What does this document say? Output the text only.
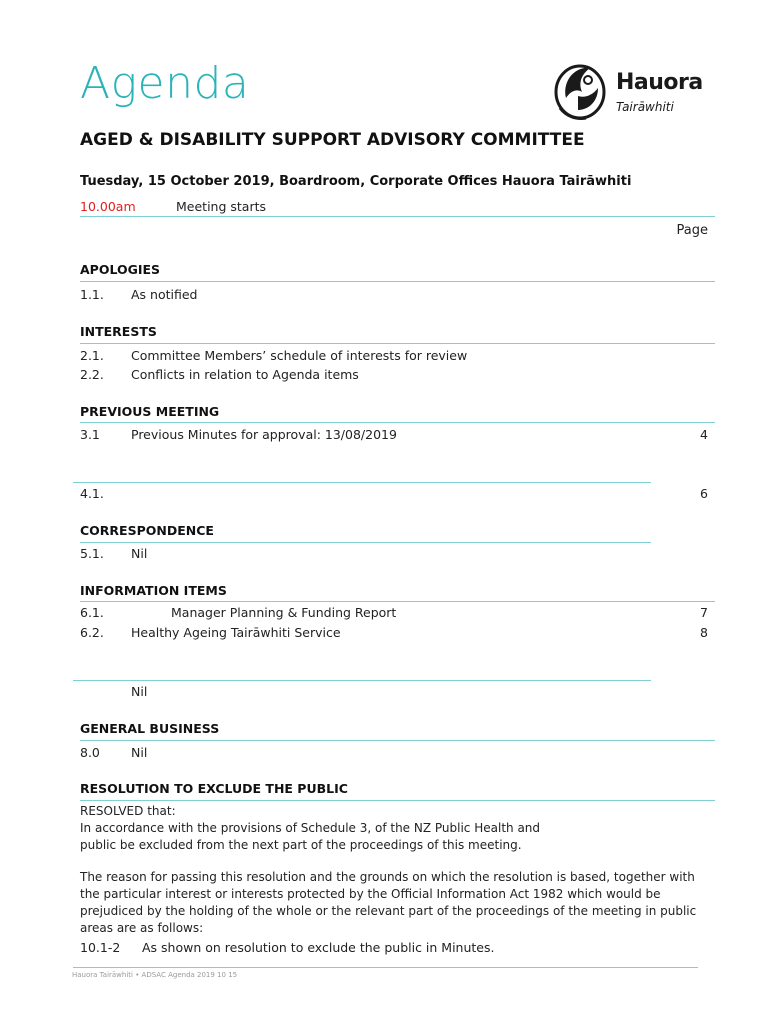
Agenda	Hauora
Tairāwhiti
AGED & DISABILITY SUPPORT ADVISORY COMMITTEE
Tuesday, 15 October 2019, Boardroom, Corporate Offices Hauora Tairāwhiti
10.00am	Meeting starts
Page
APOLOGIES
1.1. As notified
INTERESTS
2.1. Committee Members’ schedule of interests for review
2.2. Conflicts in relation to Agenda items
PREVIOUS MEETING
3.1 Previous Minutes for approval: 13/08/2019	4
4.1.	6
CORRESPONDENCE
5.1. Nil
INFORMATION ITEMS
6.1.	Manager Planning & Funding Report	7
6.2. Healthy Ageing Tairāwhiti Service	8
Nil
GENERAL BUSINESS
8.0 Nil
RESOLUTION TO EXCLUDE THE PUBLIC
RESOLVED that:
In accordance with the provisions of Schedule 3, of the NZ Public Health and
public be excluded from the next part of the proceedings of this meeting.
The reason for passing this resolution and the grounds on which the resolution is based, together with the particular interest or interests protected by the Official Information Act 1982 which would be prejudiced by the holding of the whole or the relevant part of the proceedings of the meeting in public areas are as follows:
10.1-2 As shown on resolution to exclude the public in Minutes.
Hauora Tairāwhiti • ADSAC Agenda 2019 10 15
